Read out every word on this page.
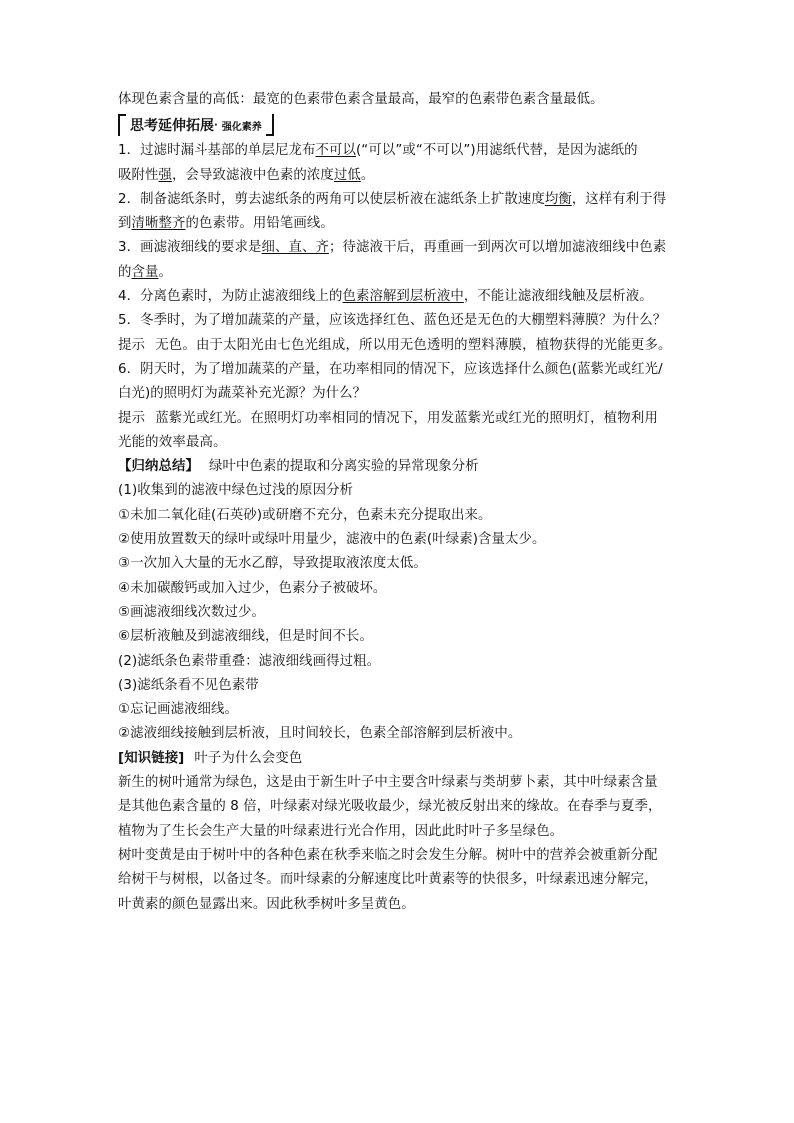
体现色素含量的高低：最宽的色素带色素含量最高，最窄的色素带色素含量最低。
思考延伸拓展 · 强化素养
1．过滤时漏斗基部的单层尼龙布不可以(“可以”或“不可以”)用滤纸代替，是因为滤纸的
吸附性强，会导致滤液中色素的浓度过低。
2．制备滤纸条时，剪去滤纸条的两角可以使层析液在滤纸条上扩散速度均衡，这样有利于得
到清晰整齐的色素带。用铅笔画线。
3．画滤液细线的要求是细、直、齐；待滤液干后，再重画一到两次可以增加滤液细线中色素
的含量。
4．分离色素时，为防止滤液细线上的色素溶解到层析液中，不能让滤液细线触及层析液。
5．冬季时，为了增加蔬菜的产量，应该选择红色、蓝色还是无色的大棚塑料薄膜？为什么？
提示 无色。由于太阳光由七色光组成，所以用无色透明的塑料薄膜，植物获得的光能更多。
6．阴天时，为了增加蔬菜的产量，在功率相同的情况下，应该选择什么颜色(蓝紫光或红光/
白光)的照明灯为蔬菜补充光源？为什么？
提示 蓝紫光或红光。在照明灯功率相同的情况下，用发蓝紫光或红光的照明灯，植物利用
光能的效率最高。
【归纳总结】 绿叶中色素的提取和分离实验的异常现象分析
(1)收集到的滤液中绿色过浅的原因分析
①未加二氧化硅(石英砂)或研磨不充分，色素未充分提取出来。
②使用放置数天的绿叶或绿叶用量少，滤液中的色素(叶绿素)含量太少。
③一次加入大量的无水乙醇，导致提取液浓度太低。
④未加碳酸钙或加入过少，色素分子被破坏。
⑤画滤液细线次数过少。
⑥层析液触及到滤液细线，但是时间不长。
(2)滤纸条色素带重叠：滤液细线画得过粗。
(3)滤纸条看不见色素带
①忘记画滤液细线。
②滤液细线接触到层析液，且时间较长，色素全部溶解到层析液中。
[知识链接] 叶子为什么会变色
新生的树叶通常为绿色，这是由于新生叶子中主要含叶绿素与类胡萝卜素，其中叶绿素含量
是其他色素含量的 8 倍，叶绿素对绿光吸收最少，绿光被反射出来的缘故。在春季与夏季，
植物为了生长会生产大量的叶绿素进行光合作用，因此此时叶子多呈绿色。
树叶变黄是由于树叶中的各种色素在秋季来临之时会发生分解。树叶中的营养会被重新分配
给树干与树根，以备过冬。而叶绿素的分解速度比叶黄素等的快很多，叶绿素迅速分解完，
叶黄素的颜色显露出来。因此秋季树叶多呈黄色。
